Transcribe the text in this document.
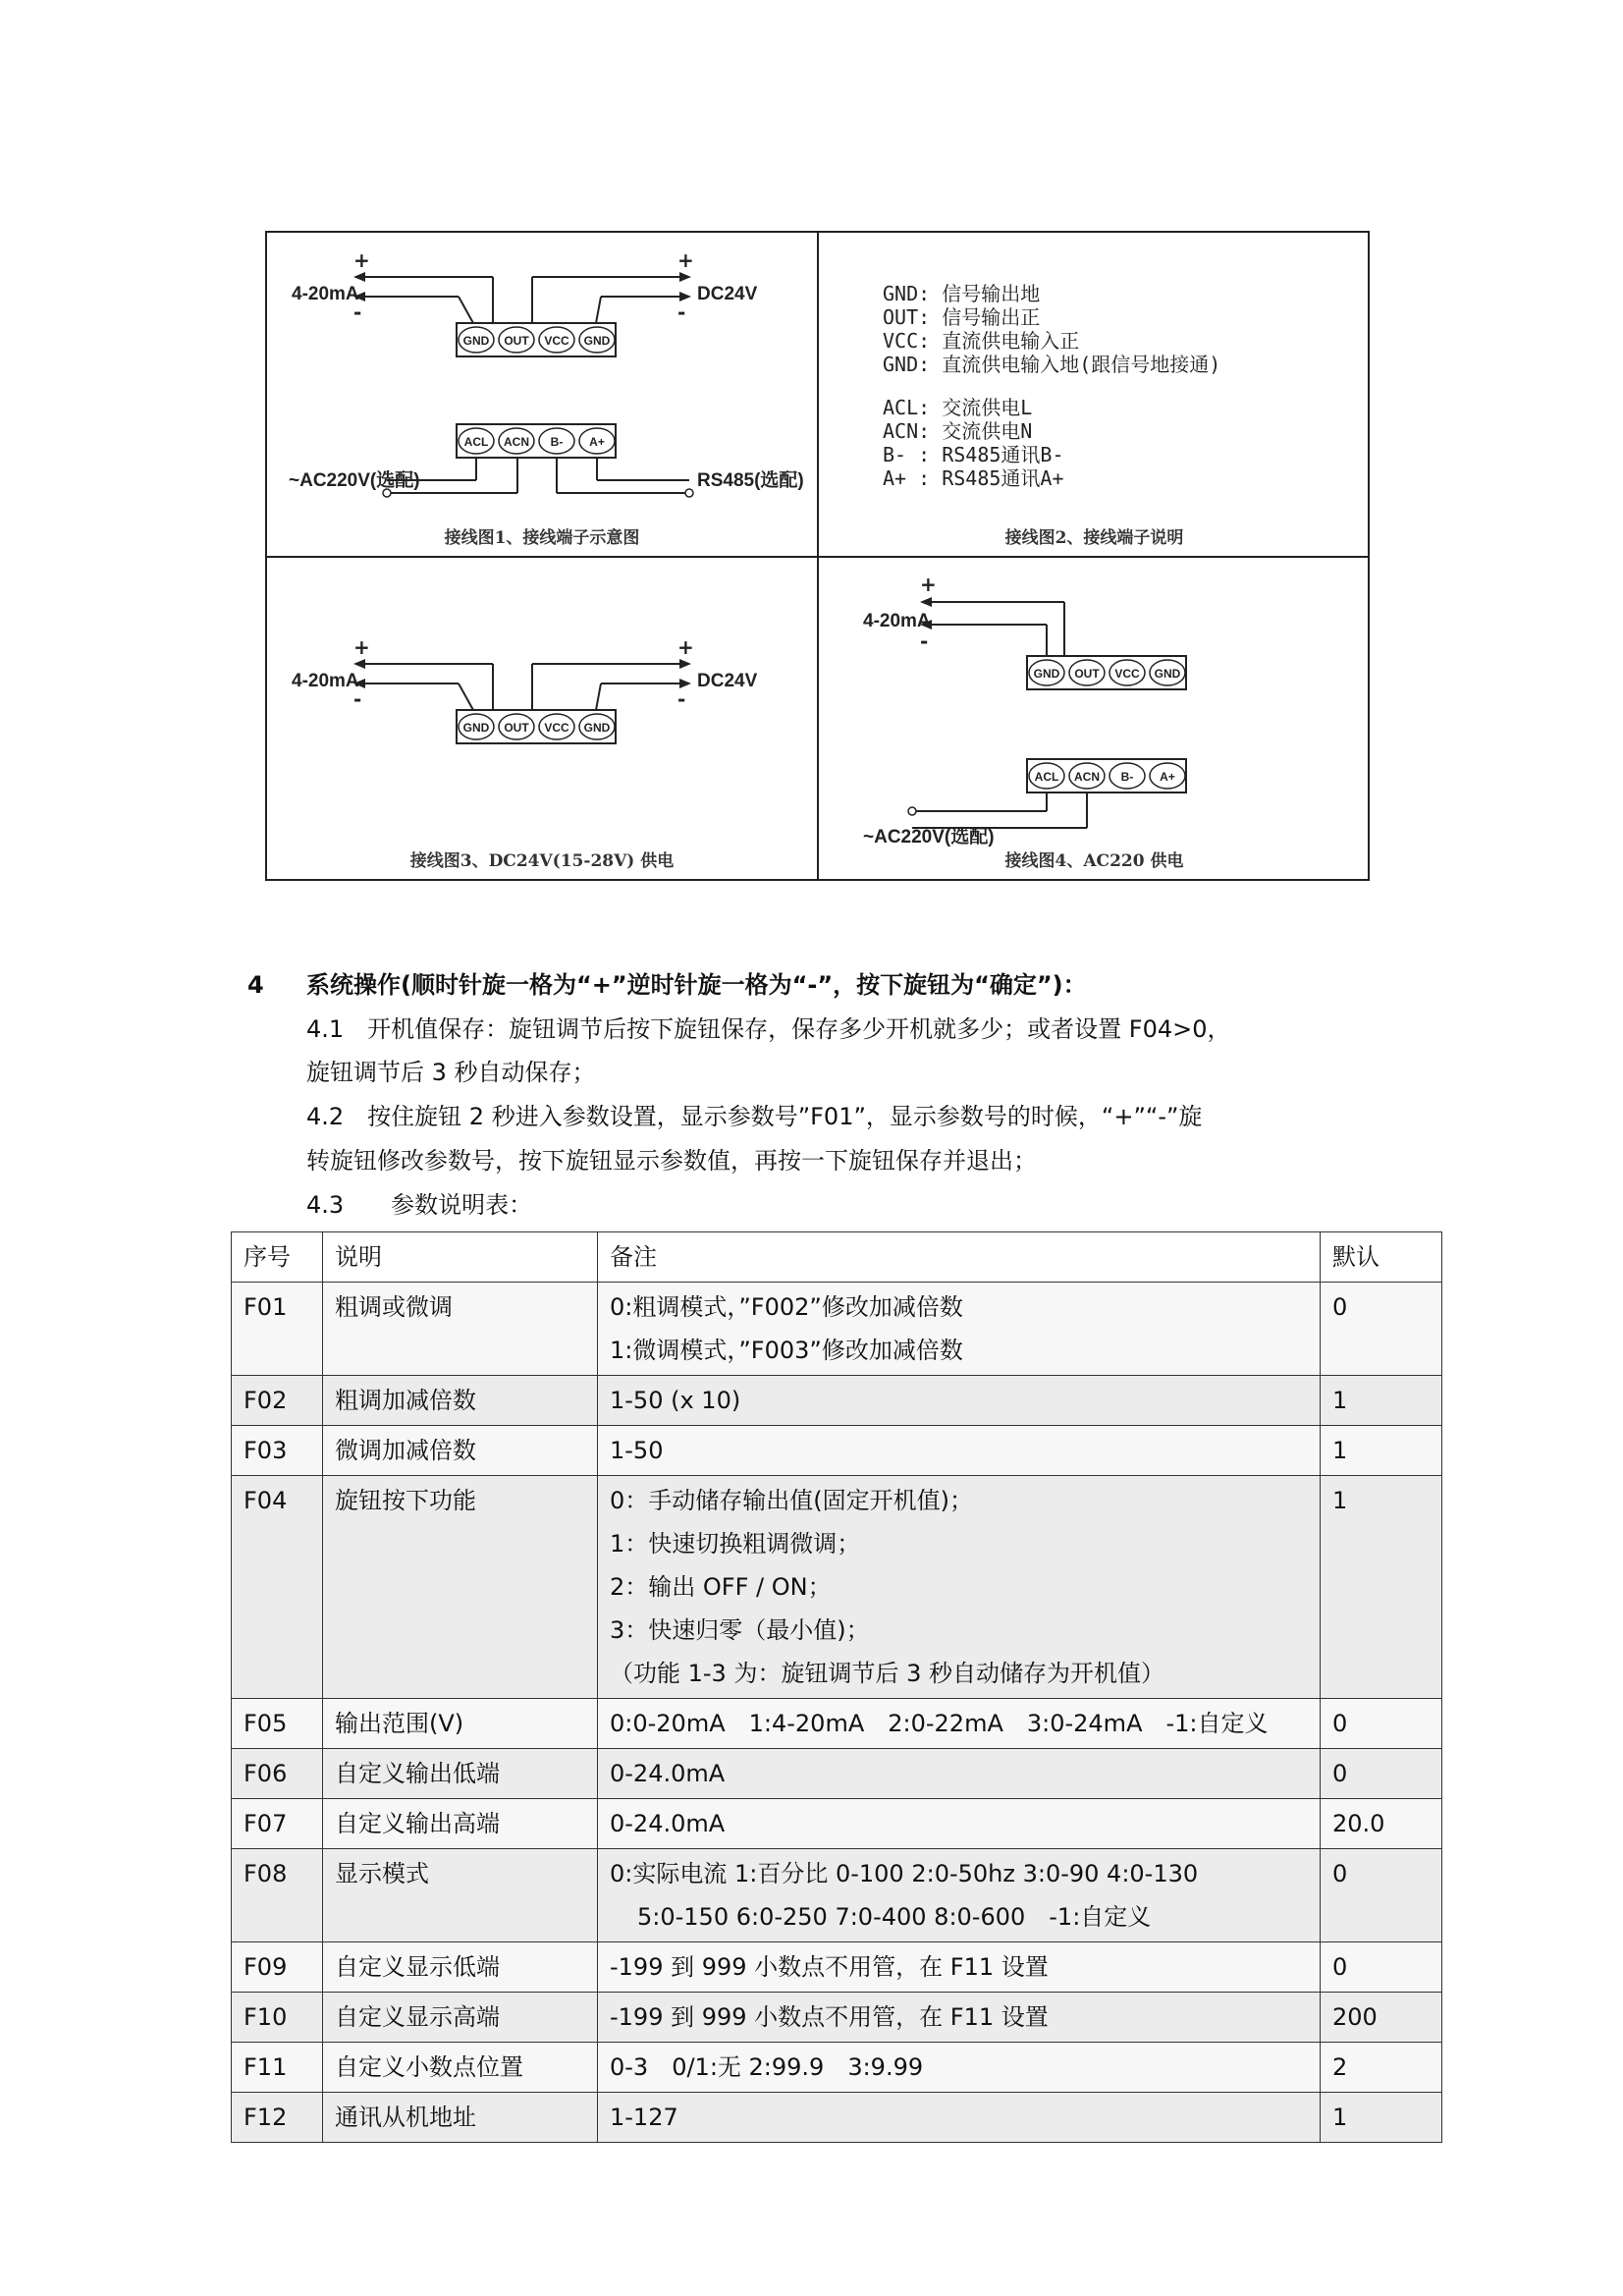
GND OUT VCC GND
ACL ACN B- A+
+
-
+
-
4-20mA	DC24V
~AC220V(选配)	RS485(选配)
接线图1、接线端子示意图
GND: 信号输出地
OUT: 信号输出正
VCC: 直流供电输入正
GND: 直流供电输入地(跟信号地接通)
ACL: 交流供电L
ACN: 交流供电N
B- : RS485通讯B-
A+ : RS485通讯A+
接线图2、接线端子说明
GND OUT VCC GND
+
-
+
-
4-20mA	DC24V
接线图3、DC24V(15-28V) 供电
GND OUT VCC GND
ACL ACN B- A+
+
-
4-20mA
~AC220V(选配)
接线图4、AC220 供电
4 系统操作(顺时针旋一格为“+”逆时针旋一格为“-”，按下旋钮为“确定”)：
4.1　开机值保存：旋钮调节后按下旋钮保存，保存多少开机就多少；或者设置 F04>0，
旋钮调节后 3 秒自动保存；
4.2　按住旋钮 2 秒进入参数设置，显示参数号”F01”，显示参数号的时候，“+”“-”旋
转旋钮修改参数号，按下旋钮显示参数值，再按一下旋钮保存并退出；
4.3　　参数说明表：
序号	说明	备注	默认
F01	粗调或微调	0:粗调模式，”F002”修改加减倍数
1:微调模式，”F003”修改加减倍数	0
F02	粗调加减倍数	1-50 (x 10)	1
F03	微调加减倍数	1-50	1
F04	旋钮按下功能	0：手动储存输出值(固定开机值)；
1：快速切换粗调微调；
2：输出 OFF / ON；
3：快速归零（最小值)；
（功能 1-3 为：旋钮调节后 3 秒自动储存为开机值）	1
F05	输出范围(V)	0:0-20mA　1:4-20mA　2:0-22mA　3:0-24mA　-1:自定义	0
F06	自定义输出低端	0-24.0mA	0
F07	自定义输出高端	0-24.0mA	20.0
F08	显示模式	0:实际电流 1:百分比 0-100 2:0-50hz 3:0-90 4:0-130
5:0-150 6:0-250 7:0-400 8:0-600　-1:自定义	0
F09	自定义显示低端	-199 到 999 小数点不用管，在 F11 设置	0
F10	自定义显示高端	-199 到 999 小数点不用管，在 F11 设置	200
F11	自定义小数点位置	0-3　0/1:无 2:99.9　3:9.99	2
F12	通讯从机地址	1-127	1
